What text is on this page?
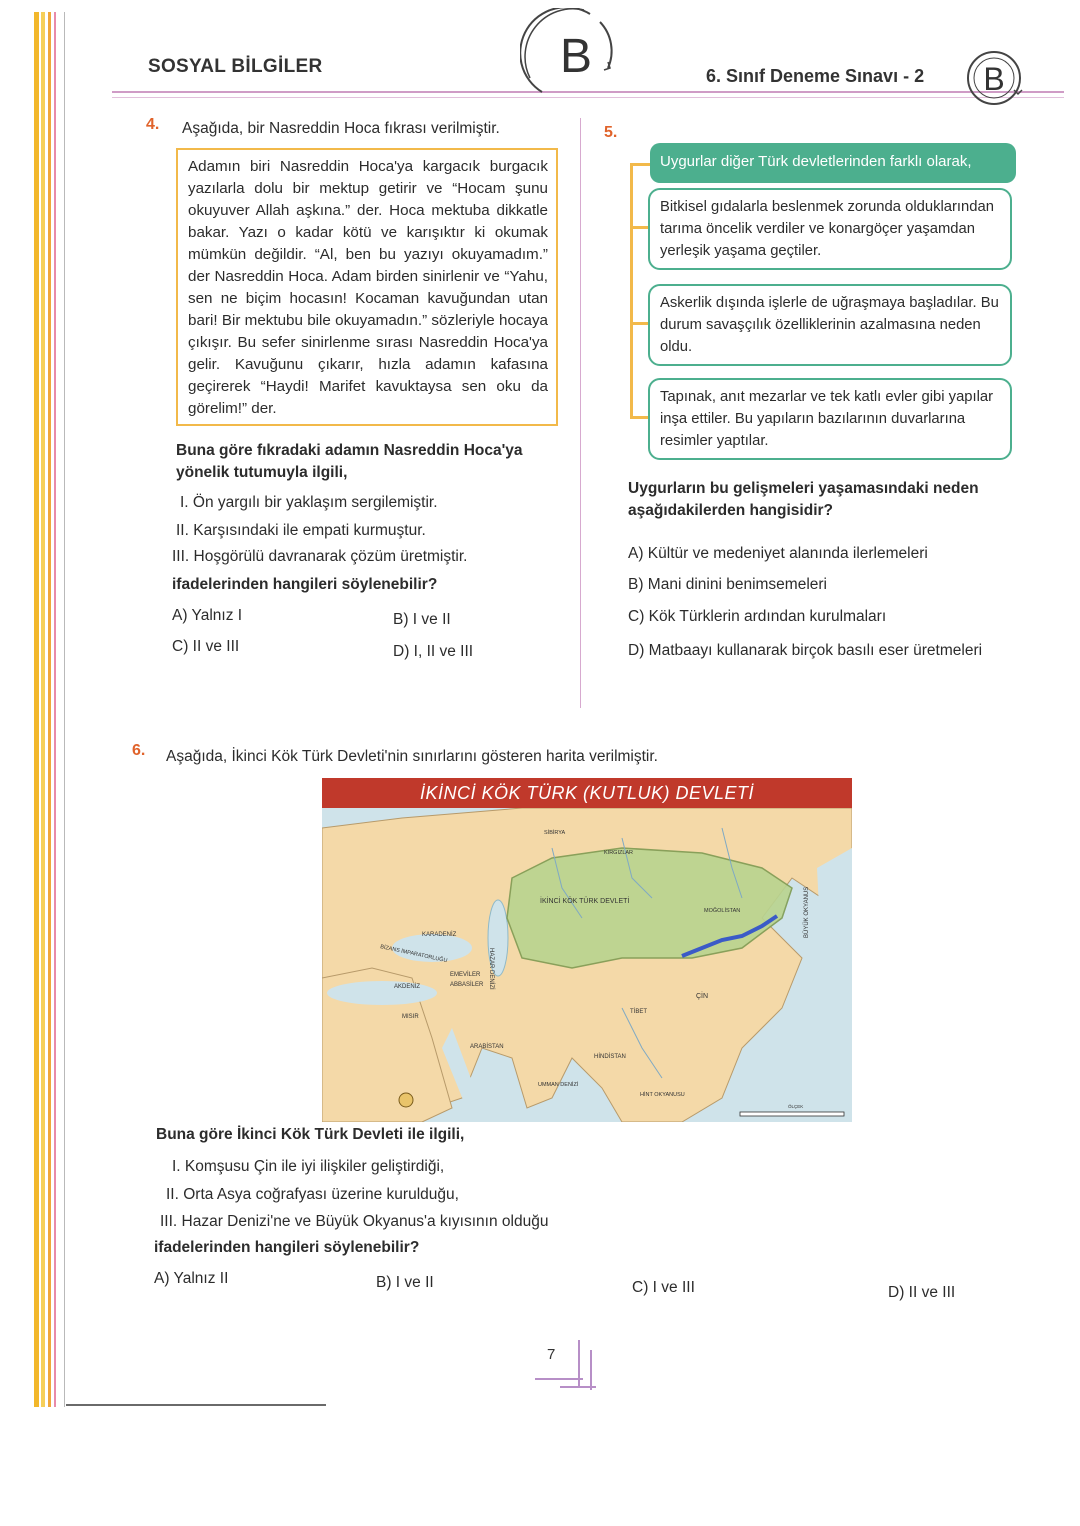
SOSYAL BİLGİLER	6. Sınıf Deneme Sınavı - 2
B	B
4. Aşağıda, bir Nasreddin Hoca fıkrası verilmiştir.
Adamın biri Nasreddin Hoca'ya kargacık burgacık yazılarla dolu bir mektup getirir ve “Hocam şunu okuyuver Allah aşkına.” der. Hoca mektuba dikkatle bakar. Yazı o kadar kötü ve karışıktır ki okumak mümkün değildir. “Al, ben bu yazıyı okuyamadım.” der Nasreddin Hoca. Adam birden sinirlenir ve “Yahu, sen ne biçim hocasın! Kocaman kavuğundan utan bari! Bir mektubu bile okuyamadın.” sözleriyle hocaya çıkışır. Bu sefer sinirlenme sırası Nasreddin Hoca'ya gelir. Kavuğunu çıkarır, hızla adamın kafasına geçirerek “Haydi! Marifet kavuktaysa sen oku da görelim!” der.
Buna göre fıkradaki adamın Nasreddin Hoca'ya yönelik tutumuyla ilgili,
I. Ön yargılı bir yaklaşım sergilemiştir.
II. Karşısındaki ile empati kurmuştur.
III. Hoşgörülü davranarak çözüm üretmiştir.
ifadelerinden hangileri söylenebilir?
A) Yalnız I	B) I ve II
C) II ve III	D) I, II ve III
5.
Uygurlar diğer Türk devletlerinden farklı olarak,
Bitkisel gıdalarla beslenmek zorunda olduklarından tarıma öncelik verdiler ve konargöçer yaşamdan yerleşik yaşama geçtiler.
Askerlik dışında işlerle de uğraşmaya başladılar. Bu durum savaşçılık özelliklerinin azalmasına neden oldu.
Tapınak, anıt mezarlar ve tek katlı evler gibi yapılar inşa ettiler. Bu yapıların bazılarının duvarlarına resimler yaptılar.
Uygurların bu gelişmeleri yaşamasındaki neden aşağıdakilerden hangisidir?
A) Kültür ve medeniyet alanında ilerlemeleri
B) Mani dinini benimsemeleri
C) Kök Türklerin ardından kurulmaları
D) Matbaayı kullanarak birçok basılı eser üretmeleri
6. Aşağıda, İkinci Kök Türk Devleti'nin sınırlarını gösteren harita verilmiştir.
İKİNCİ KÖK TÜRK (KUTLUK) DEVLETİ
İKİNCİ KÖK TÜRK DEVLETİ
HAZAR DENİZİ
KARADENİZ
AKDENİZ
MISIR
ARABİSTAN
EMEVİLER
ABBASİLER
BİZANS İMPARATORLUĞU
ÇİN
TİBET
HİNDİSTAN
HİNT OKYANUSU
UMMAN DENİZİ
BÜYÜK OKYANUS
MOĞOLİSTAN
KIRGIZLAR
SİBİRYA
ÖLÇEK
Buna göre İkinci Kök Türk Devleti ile ilgili,
I. Komşusu Çin ile iyi ilişkiler geliştirdiği,
II. Orta Asya coğrafyası üzerine kurulduğu,
III. Hazar Denizi'ne ve Büyük Okyanus'a kıyısının olduğu
ifadelerinden hangileri söylenebilir?
A) Yalnız II	B) I ve II	C) I ve III	D) II ve III
7
